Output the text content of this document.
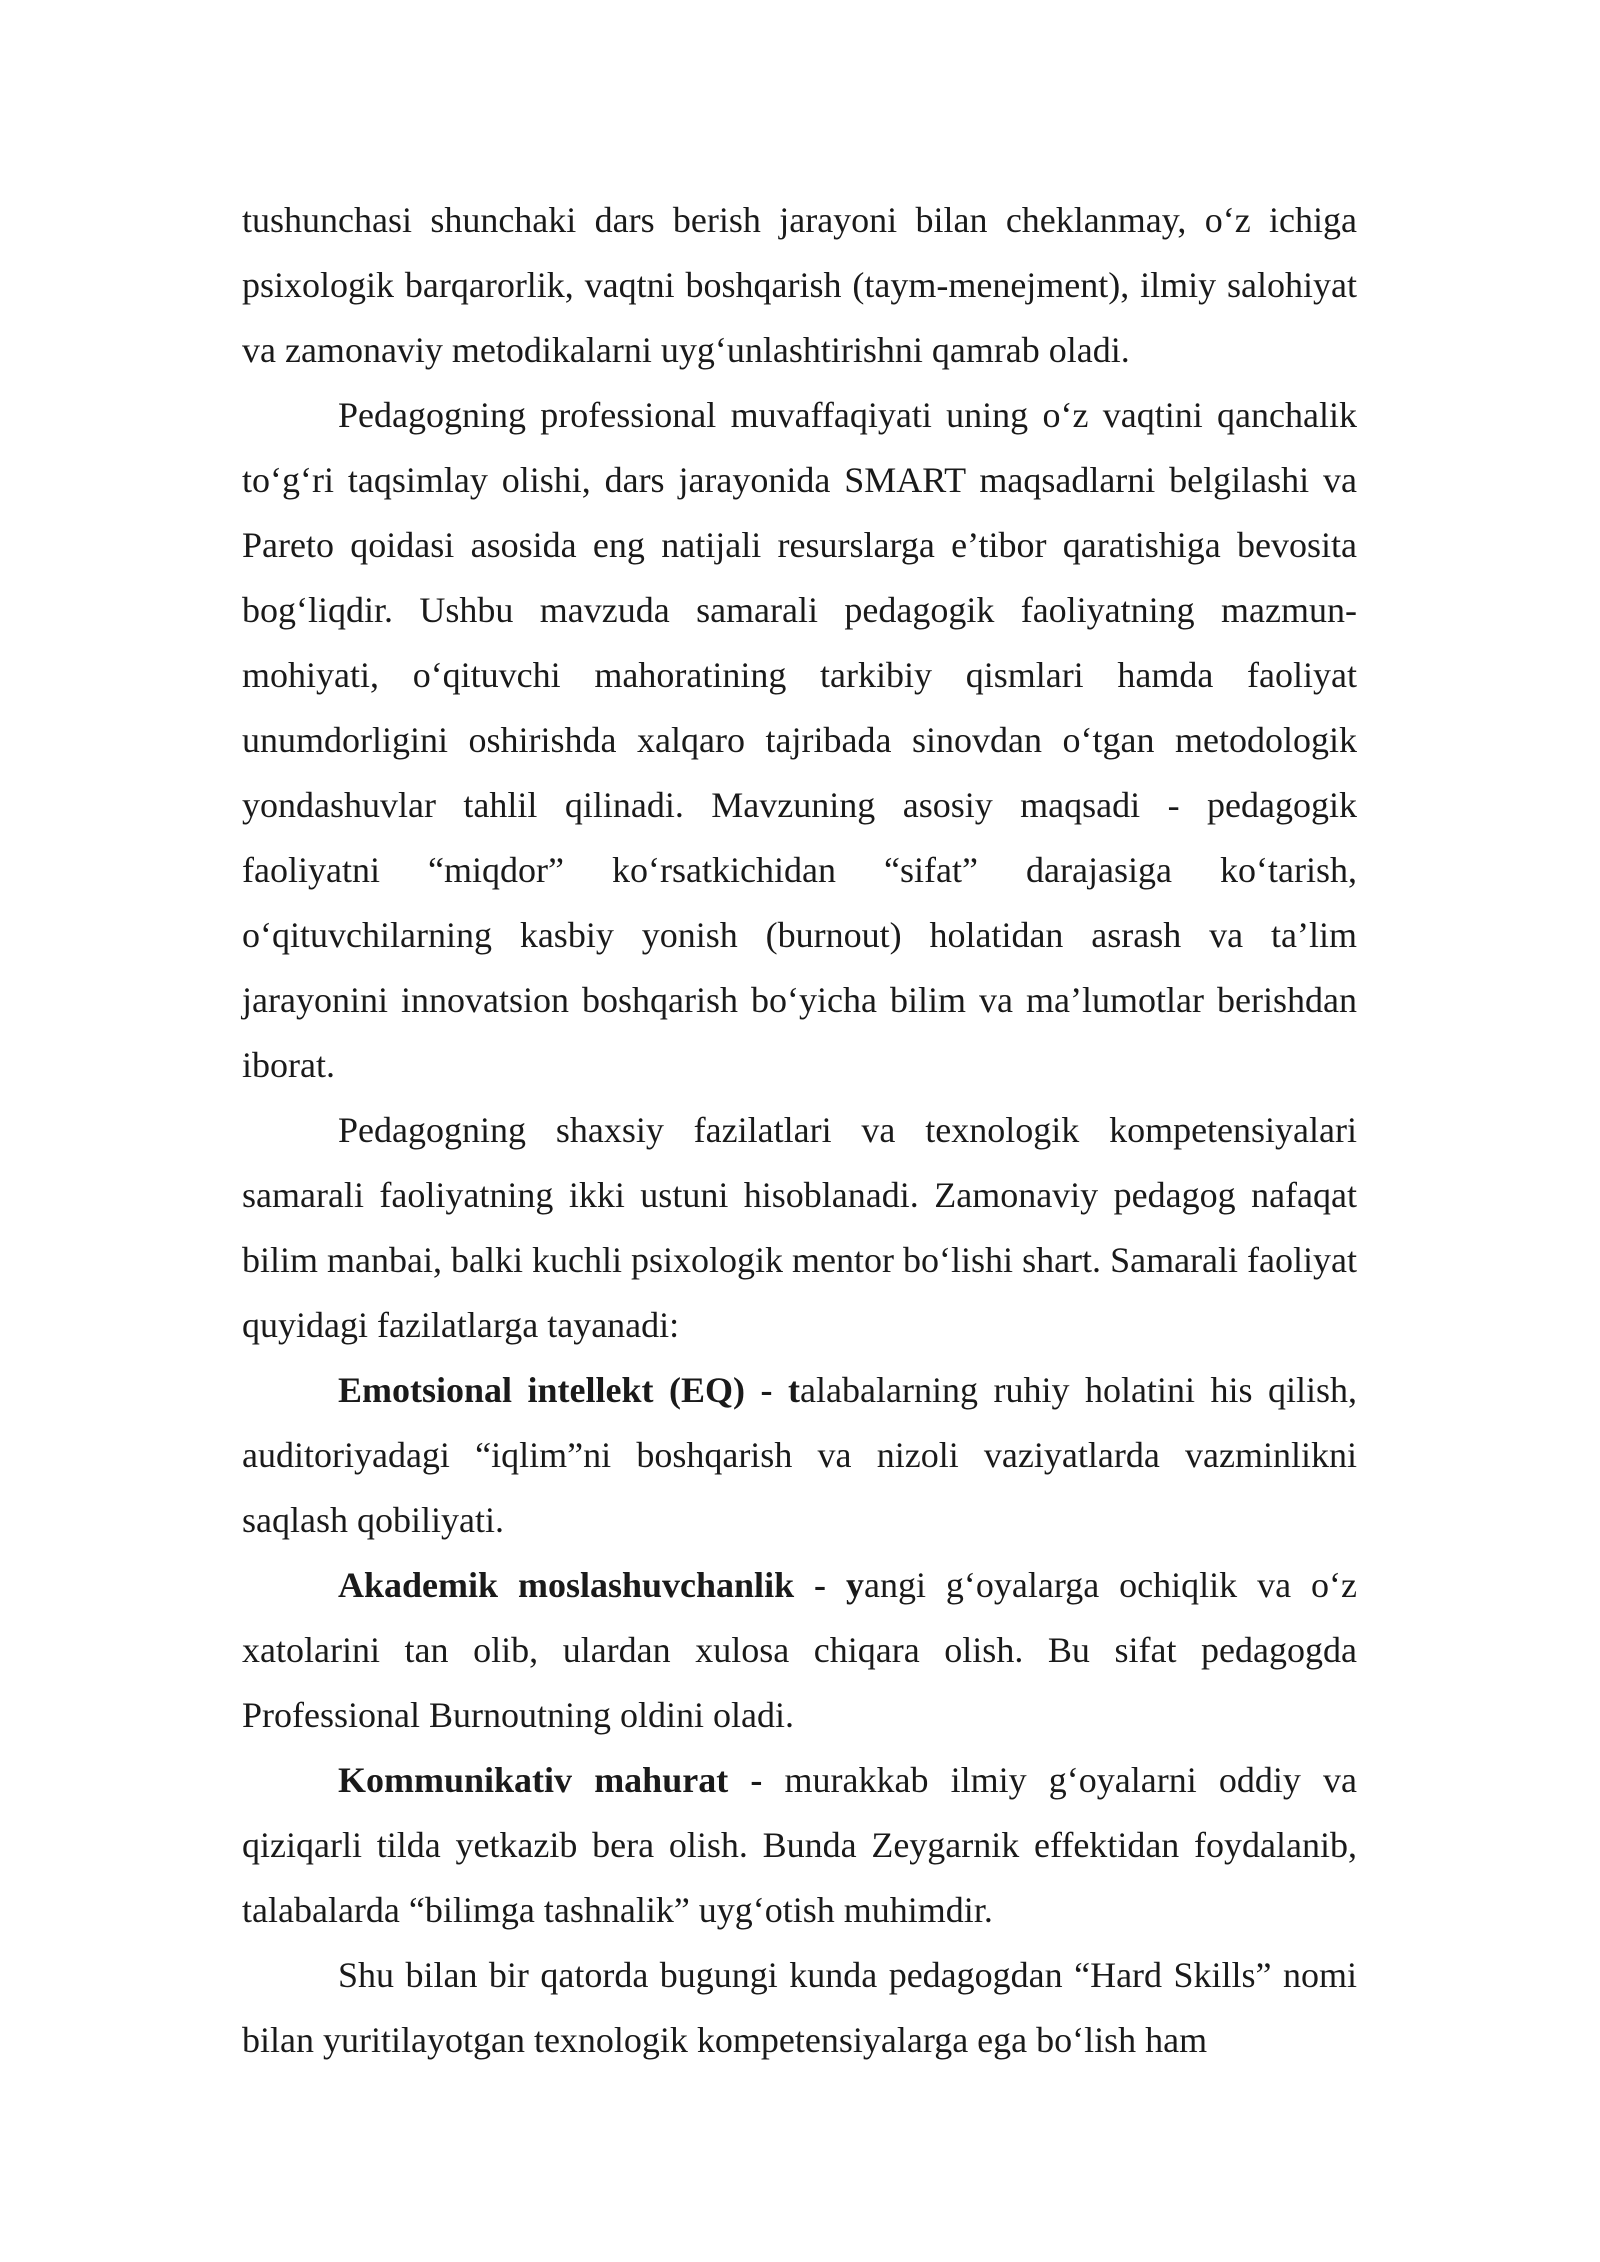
tushunchasi shunchaki dars berish jarayoni bilan cheklanmay, o‘z ichiga psixologik barqarorlik, vaqtni boshqarish (taym-menejment), ilmiy salohiyat va zamonaviy metodikalarni uyg‘unlashtirishni qamrab oladi.

Pedagogning professional muvaffaqiyati uning o‘z vaqtini qanchalik to‘g‘ri taqsimlay olishi, dars jarayonida SMART maqsadlarni belgilashi va Pareto qoidasi asosida eng natijali resurslarga e’tibor qaratishiga bevosita bog‘liqdir. Ushbu mavzuda samarali pedagogik faoliyatning mazmun-mohiyati, o‘qituvchi mahoratining tarkibiy qismlari hamda faoliyat unumdorligini oshirishda xalqaro tajribada sinovdan o‘tgan metodologik yondashuvlar tahlil qilinadi. Mavzuning asosiy maqsadi - pedagogik faoliyatni “miqdor” ko‘rsatkichidan “sifat” darajasiga ko‘tarish, o‘qituvchilarning kasbiy yonish (burnout) holatidan asrash va ta’lim jarayonini innovatsion boshqarish bo‘yicha bilim va ma’lumotlar berishdan iborat.

Pedagogning shaxsiy fazilatlari va texnologik kompetensiyalari samarali faoliyatning ikki ustuni hisoblanadi. Zamonaviy pedagog nafaqat bilim manbai, balki kuchli psixologik mentor bo‘lishi shart. Samarali faoliyat quyidagi fazilatlarga tayanadi:

Emotsional intellekt (EQ) - talabalarning ruhiy holatini his qilish, auditoriyadagi “iqlim”ni boshqarish va nizoli vaziyatlarda vazminlikni saqlash qobiliyati.

Akademik moslashuvchanlik - yangi g‘oyalarga ochiqlik va o‘z xatolarini tan olib, ulardan xulosa chiqara olish. Bu sifat pedagogda Professional Burnoutning oldini oladi.

Kommunikativ mahurat - murakkab ilmiy g‘oyalarni oddiy va qiziqarli tilda yetkazib bera olish. Bunda Zeygarnik effektidan foydalanib, talabalarda “bilimga tashnalik” uyg‘otish muhimdir.

Shu bilan bir qatorda bugungi kunda pedagogdan “Hard Skills” nomi bilan yuritilayotgan texnologik kompetensiyalarga ega bo‘lish ham
